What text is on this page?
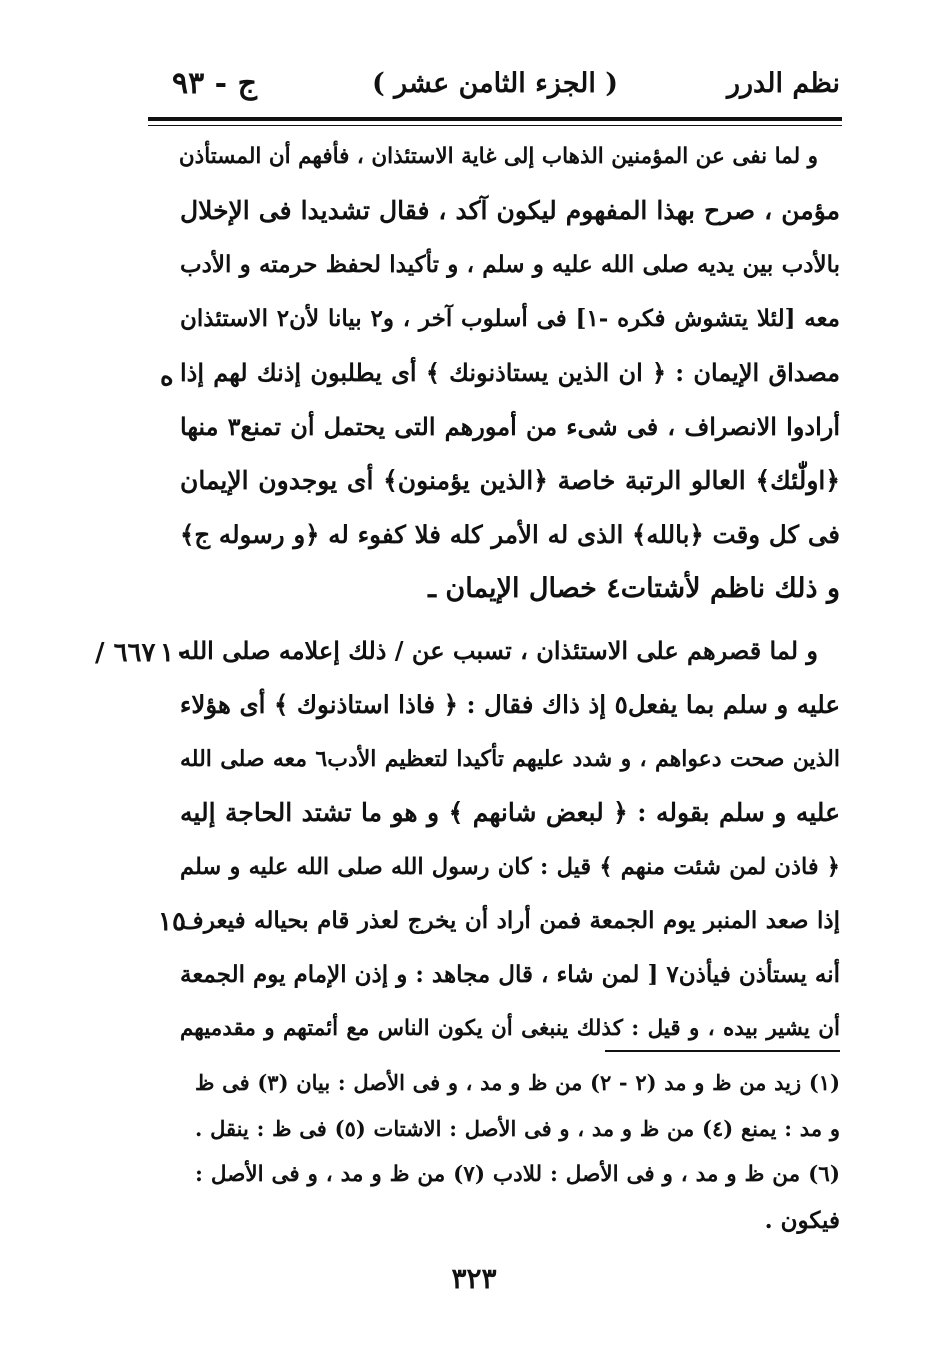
نظم الدرر
( الجزء الثامن عشر )
ج - ۹۳
و لما نفى عن المؤمنين الذهاب إلى غاية الاستئذان ، فأفهم أن المستأذن
مؤمن ، صرح بهذا المفهوم ليكون آكد ، فقال تشديدا فى الإخلال
بالأدب بين يديه صلى الله عليه و سلم ، و تأكيدا لحفظ حرمته و الأدب
معه [لئلا يتشوش فكره -١] فى أسلوب آخر ، و٢ بيانا لأن٢ الاستئذان
مصداق الإيمان : ﴿ ان الذين يستاذنونك ﴾ أى يطلبون إذنك لهم إذا
أرادوا الانصراف ، فى شىء من أمورهم التى يحتمل أن تمنع٣ منها
﴿اولّٰئك﴾ العالو الرتبة خاصة ﴿الذين يؤمنون﴾ أى يوجدون الإيمان
فى كل وقت ﴿بالله﴾ الذى له الأمر كله فلا كفوء له ﴿و رسوله ج﴾
و ذلك ناظم لأشتات٤ خصال الإيمان ـ
و لما قصرهم على الاستئذان ، تسبب عن / ذلك إعلامه صلى الله
عليه و سلم بما يفعل٥ إذ ذاك فقال : ﴿ فاذا استاذنوك ﴾ أى هؤلاء
الذين صحت دعواهم ، و شدد عليهم تأكيدا لتعظيم الأدب٦ معه صلى الله
عليه و سلم بقوله : ﴿ لبعض شانهم ﴾ و هو ما تشتد الحاجة إليه
﴿ فاذن لمن شئت منهم ﴾ قيل : كان رسول الله صلى الله عليه و سلم
إذا صعد المنبر يوم الجمعة فمن أراد أن يخرج لعذر قام بحياله فيعرف
أنه يستأذن فيأذن٧ [ لمن شاء ، قال مجاهد : و إذن الإمام يوم الجمعة
أن يشير بيده ، و قيل : كذلك ينبغى أن يكون الناس مع أئمتهم و مقدميهم
ه
٦٦٧ / ١٠
١٥
(١) زيد من ظ و مد (٢ - ٢) من ظ و مد ، و فى الأصل : بيان (٣) فى ظ
و مد : يمنع (٤) من ظ و مد ، و فى الأصل : الاشتات (٥) فى ظ : ينقل .
(٦) من ظ و مد ، و فى الأصل : للادب (٧) من ظ و مد ، و فى الأصل :
فيكون .
٣٢٣
